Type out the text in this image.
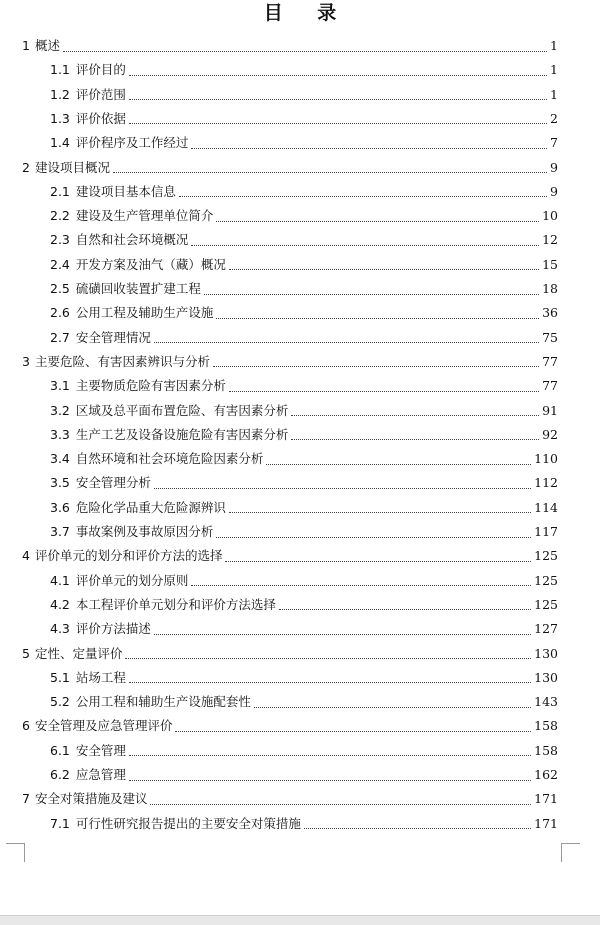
目 录
1 概述	1
1.1 评价目的	1
1.2 评价范围	1
1.3 评价依据	2
1.4 评价程序及工作经过	7
2 建设项目概况	9
2.1 建设项目基本信息	9
2.2 建设及生产管理单位简介	10
2.3 自然和社会环境概况	12
2.4 开发方案及油气（藏）概况	15
2.5 硫磺回收装置扩建工程	18
2.6 公用工程及辅助生产设施	36
2.7 安全管理情况	75
3 主要危险、有害因素辨识与分析	77
3.1 主要物质危险有害因素分析	77
3.2 区域及总平面布置危险、有害因素分析	91
3.3 生产工艺及设备设施危险有害因素分析	92
3.4 自然环境和社会环境危险因素分析	110
3.5 安全管理分析	112
3.6 危险化学品重大危险源辨识	114
3.7 事故案例及事故原因分析	117
4 评价单元的划分和评价方法的选择	125
4.1 评价单元的划分原则	125
4.2 本工程评价单元划分和评价方法选择	125
4.3 评价方法描述	127
5 定性、定量评价	130
5.1 站场工程	130
5.2 公用工程和辅助生产设施配套性	143
6 安全管理及应急管理评价	158
6.1 安全管理	158
6.2 应急管理	162
7 安全对策措施及建议	171
7.1 可行性研究报告提出的主要安全对策措施	171
